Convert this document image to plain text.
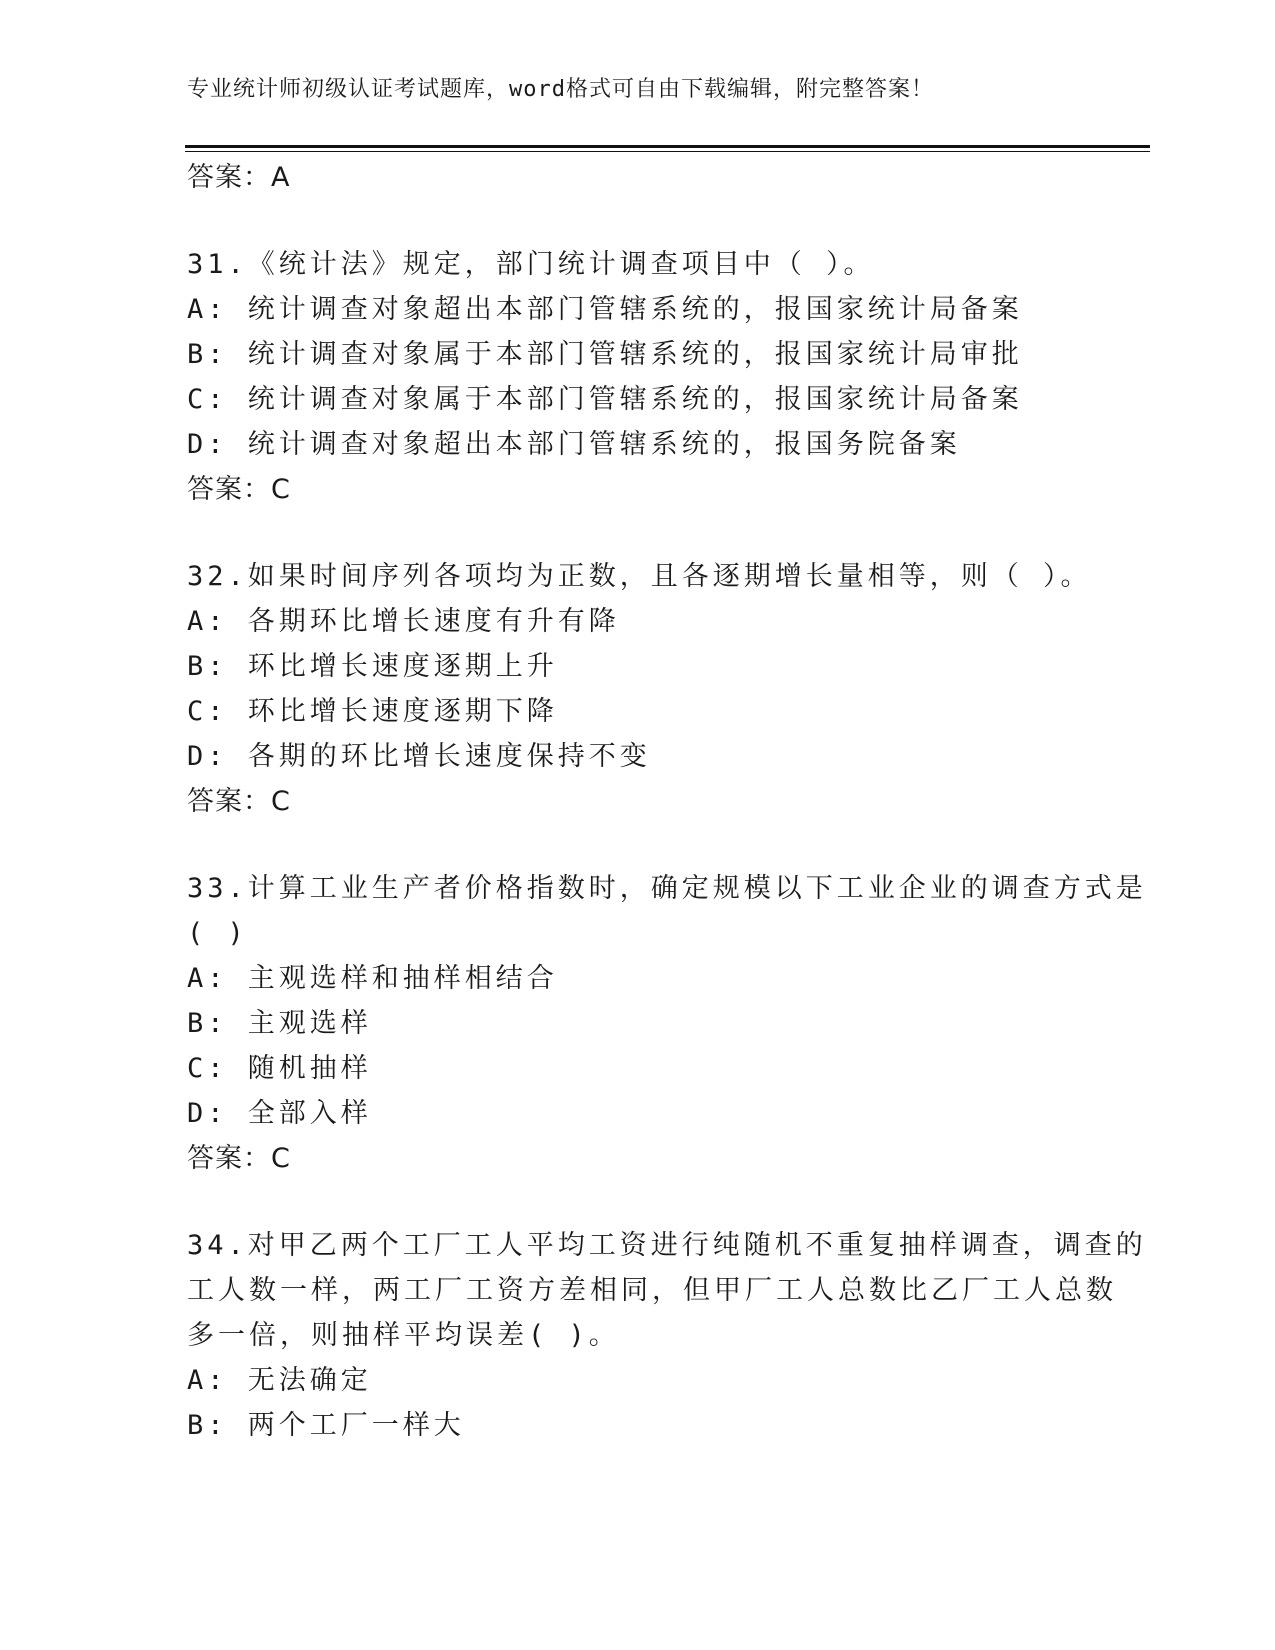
专业统计师初级认证考试题库，word格式可自由下载编辑，附完整答案！
答案：A
31.《统计法》规定，部门统计调查项目中（ ）。
A: 统计调查对象超出本部门管辖系统的，报国家统计局备案
B: 统计调查对象属于本部门管辖系统的，报国家统计局审批
C: 统计调查对象属于本部门管辖系统的，报国家统计局备案
D: 统计调查对象超出本部门管辖系统的，报国务院备案
答案：C
32.如果时间序列各项均为正数，且各逐期增长量相等，则（ ）。
A: 各期环比增长速度有升有降
B: 环比增长速度逐期上升
C: 环比增长速度逐期下降
D: 各期的环比增长速度保持不变
答案：C
33.计算工业生产者价格指数时，确定规模以下工业企业的调查方式是
( )
A: 主观选样和抽样相结合
B: 主观选样
C: 随机抽样
D: 全部入样
答案：C
34.对甲乙两个工厂工人平均工资进行纯随机不重复抽样调查，调查的
工人数一样，两工厂工资方差相同，但甲厂工人总数比乙厂工人总数
多一倍，则抽样平均误差( )。
A: 无法确定
B: 两个工厂一样大
